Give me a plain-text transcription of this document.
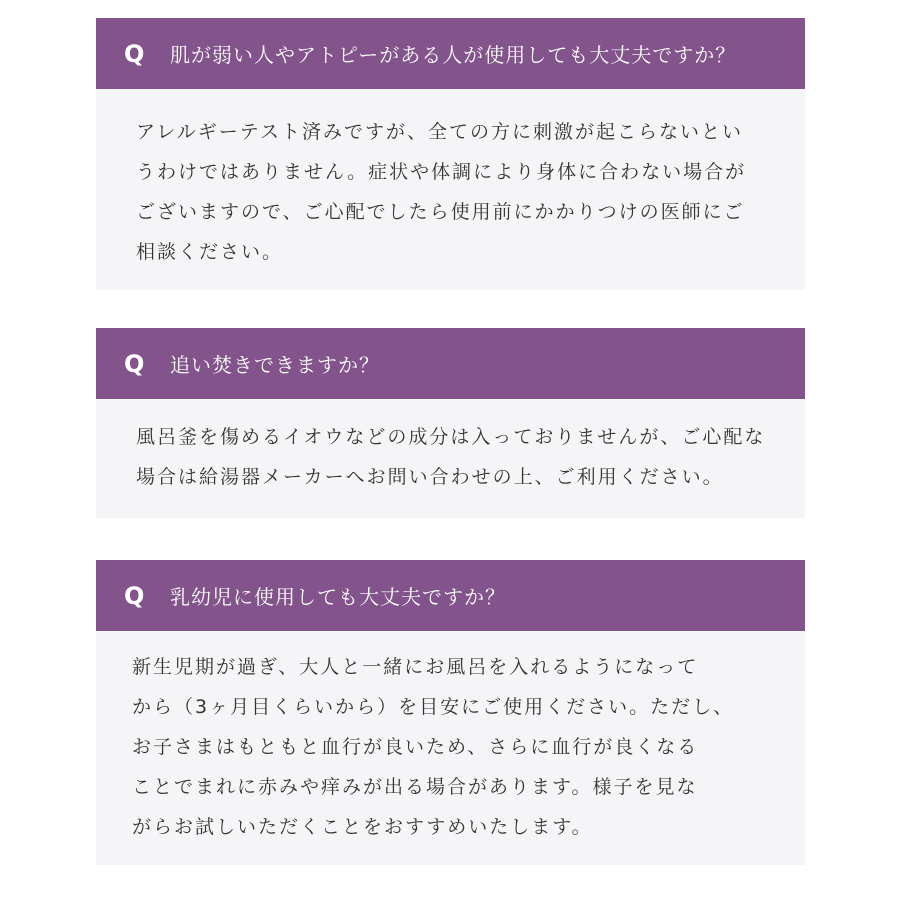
Q	肌が弱い人やアトピーがある人が使用しても大丈夫ですか？
アレルギーテスト済みですが、全ての方に刺激が起こらないとい
うわけではありません。症状や体調により身体に合わない場合が
ございますので、ご心配でしたら使用前にかかりつけの医師にご
相談ください。
Q	追い焚きできますか？
風呂釜を傷めるイオウなどの成分は入っておりませんが、ご心配な
場合は給湯器メーカーへお問い合わせの上、ご利用ください。
Q	乳幼児に使用しても大丈夫ですか？
新生児期が過ぎ、大人と一緒にお風呂を入れるようになって
から（3ヶ月目くらいから）を目安にご使用ください。ただし、
お子さまはもともと血行が良いため、さらに血行が良くなる
ことでまれに赤みや痒みが出る場合があります。様子を見な
がらお試しいただくことをおすすめいたします。
